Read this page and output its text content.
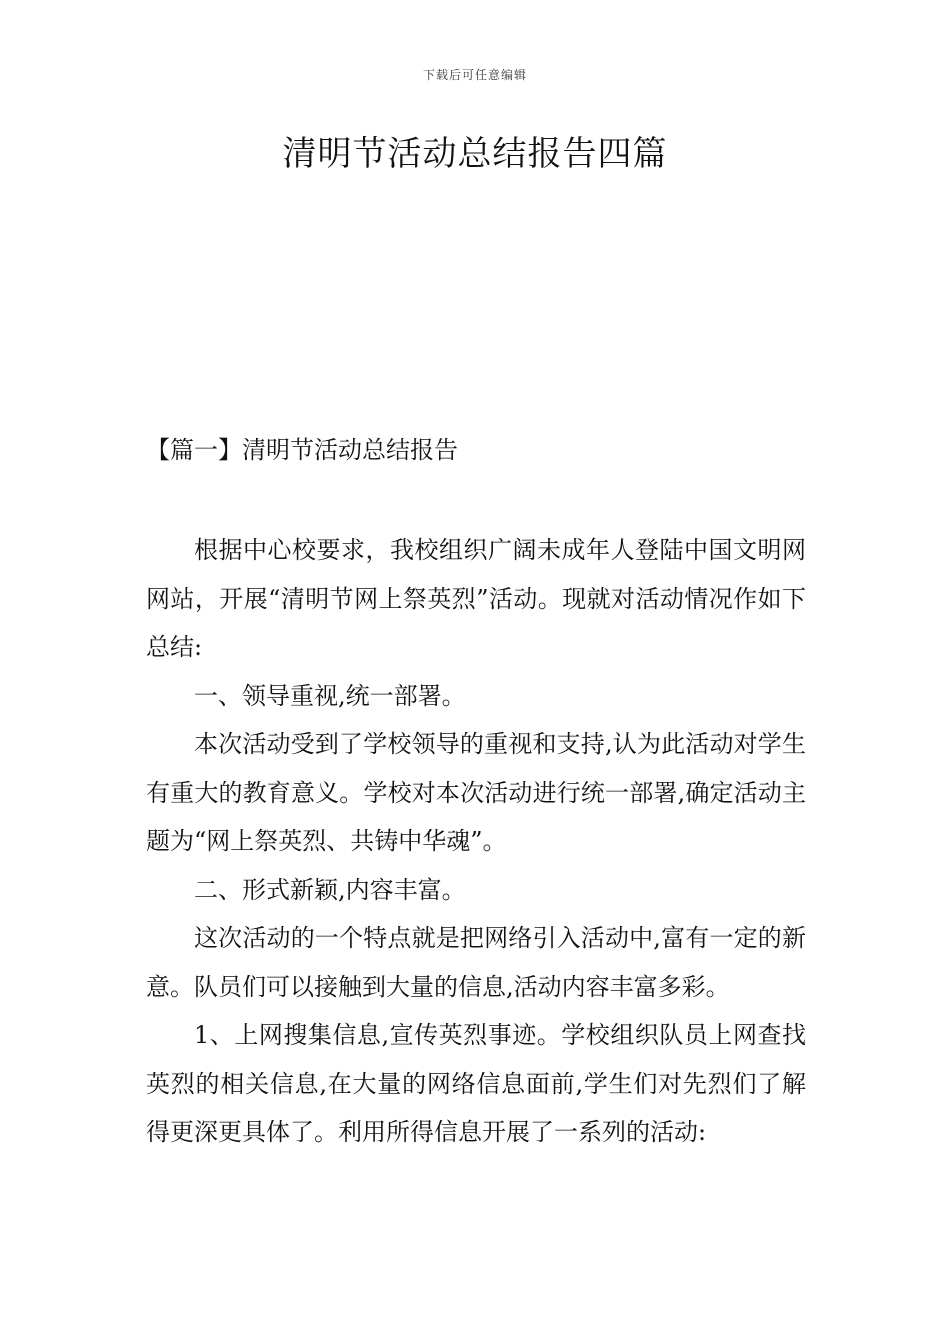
下载后可任意编辑
清明节活动总结报告四篇
【篇一】清明节活动总结报告

根据中心校要求，我校组织广阔未成年人登陆中国文明网网站，开展“清明节网上祭英烈”活动。现就对活动情况作如下总结:

一、领导重视,统一部署。

本次活动受到了学校领导的重视和支持,认为此活动对学生有重大的教育意义。学校对本次活动进行统一部署,确定活动主题为“网上祭英烈、共铸中华魂”。

二、形式新颖,内容丰富。

这次活动的一个特点就是把网络引入活动中,富有一定的新意。队员们可以接触到大量的信息,活动内容丰富多彩。

1、上网搜集信息,宣传英烈事迹。学校组织队员上网查找英烈的相关信息,在大量的网络信息面前,学生们对先烈们了解得更深更具体了。利用所得信息开展了一系列的活动:
